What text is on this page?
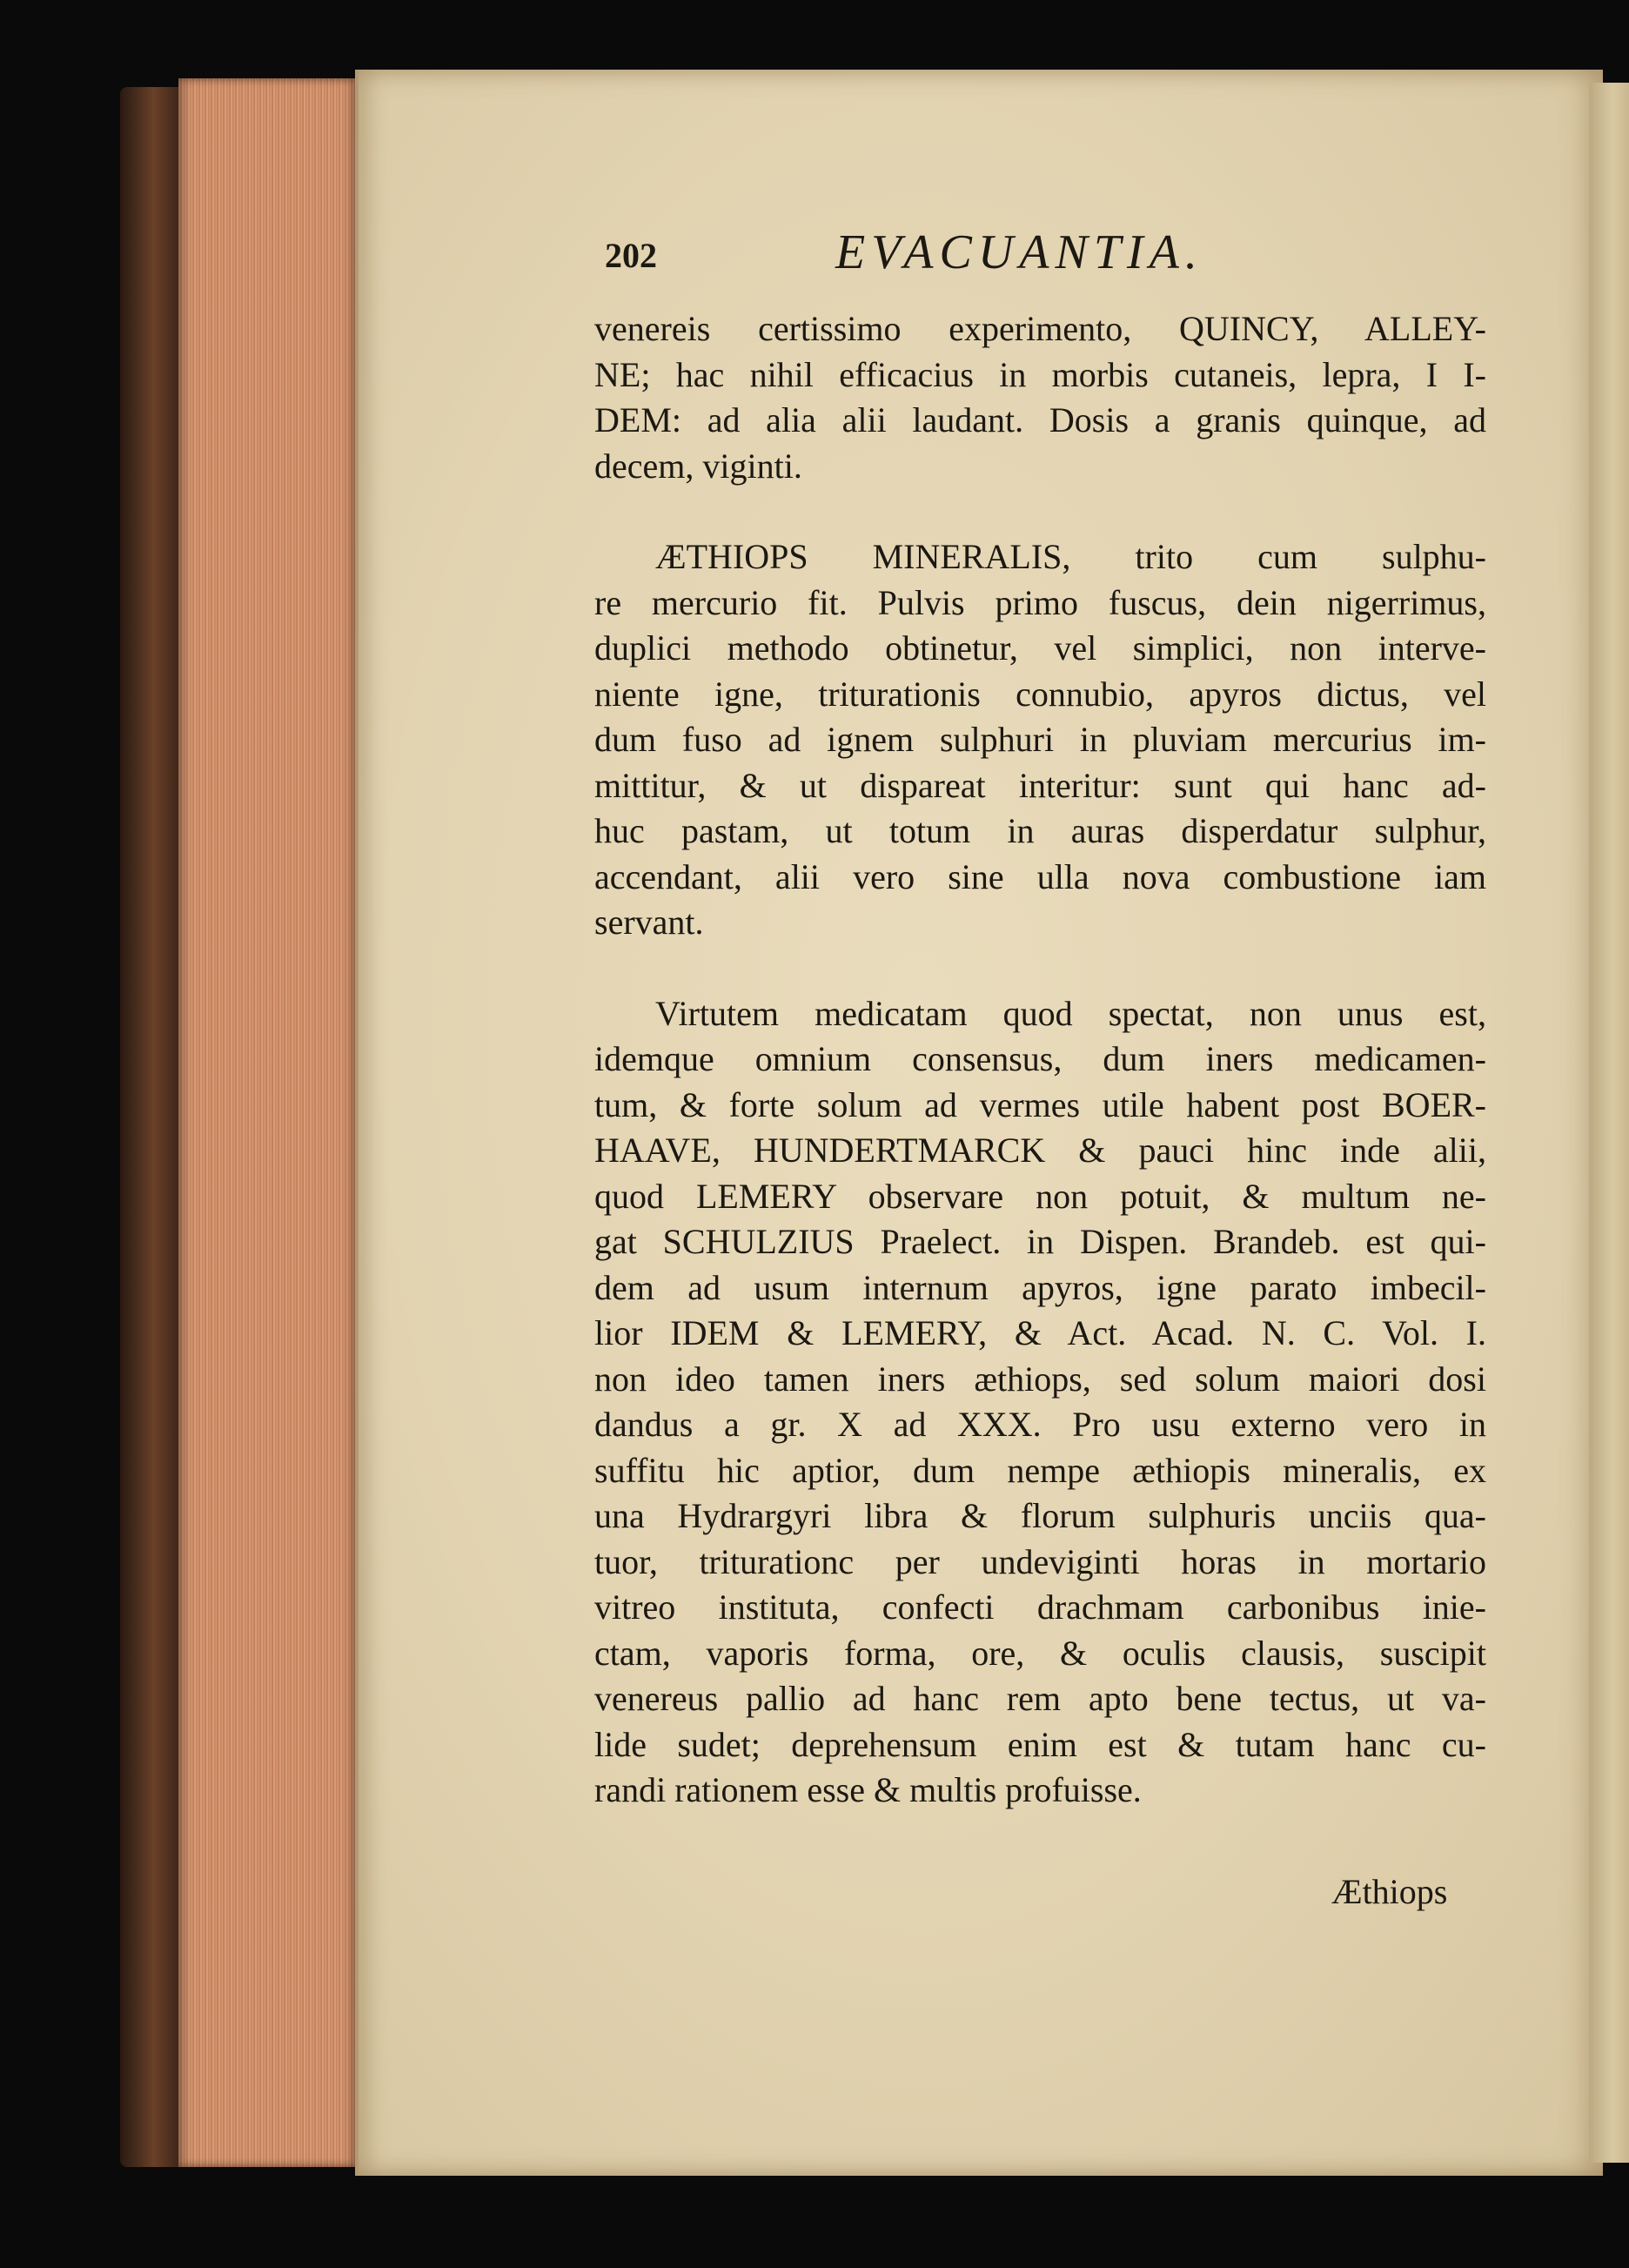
202	EVACUANTIA.
venereis certissimo experimento, QUINCY, ALLEY-
NE; hac nihil efficacius in morbis cutaneis, lepra, I I-
DEM: ad alia alii laudant. Dosis a granis quinque, ad
decem, viginti.
ÆTHIOPS MINERALIS, trito cum sulphu-
re mercurio fit. Pulvis primo fuscus, dein nigerrimus,
duplici methodo obtinetur, vel simplici, non interve-
niente igne, triturationis connubio, apyros dictus, vel
dum fuso ad ignem sulphuri in pluviam mercurius im-
mittitur, & ut dispareat interitur: sunt qui hanc ad-
huc pastam, ut totum in auras disperdatur sulphur,
accendant, alii vero sine ulla nova combustione iam
servant.
Virtutem medicatam quod spectat, non unus est,
idemque omnium consensus, dum iners medicamen-
tum, & forte solum ad vermes utile habent post BOER-
HAAVE, HUNDERTMARCK & pauci hinc inde alii,
quod LEMERY observare non potuit, & multum ne-
gat SCHULZIUS Praelect. in Dispen. Brandeb. est qui-
dem ad usum internum apyros, igne parato imbecil-
lior IDEM & LEMERY, & Act. Acad. N. C. Vol. I.
non ideo tamen iners æthiops, sed solum maiori dosi
dandus a gr. X ad XXX. Pro usu externo vero in
suffitu hic aptior, dum nempe æthiopis mineralis, ex
una Hydrargyri libra & florum sulphuris unciis qua-
tuor, triturationc per undeviginti horas in mortario
vitreo instituta, confecti drachmam carbonibus inie-
ctam, vaporis forma, ore, & oculis clausis, suscipit
venereus pallio ad hanc rem apto bene tectus, ut va-
lide sudet; deprehensum enim est & tutam hanc cu-
randi rationem esse & multis profuisse.
Æthiops
